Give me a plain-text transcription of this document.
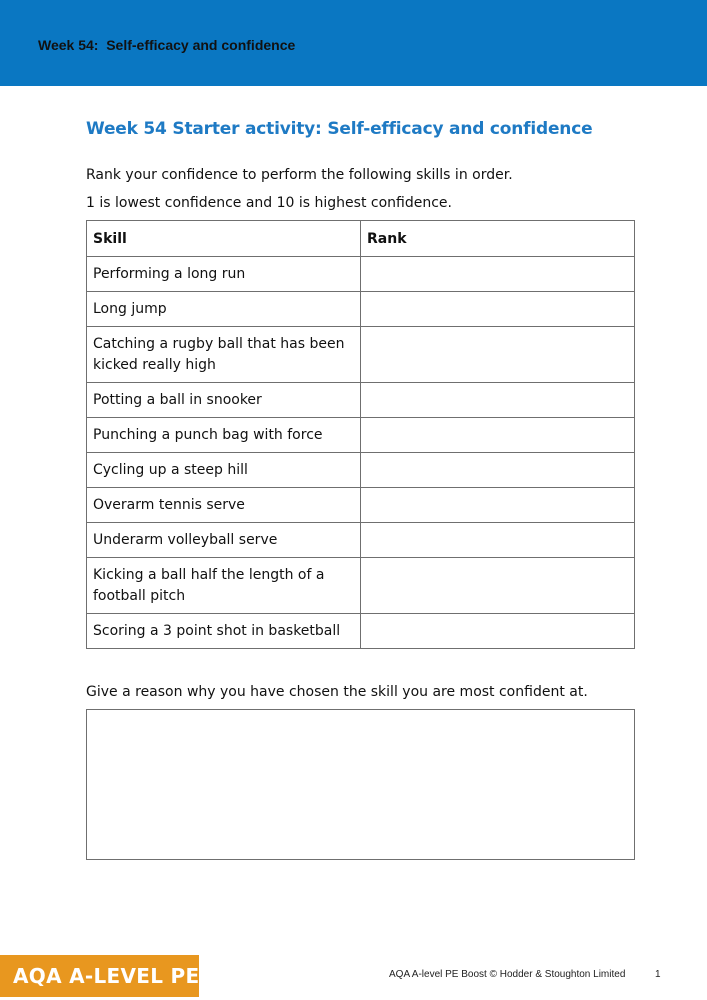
Week 54:  Self-efficacy and confidence
Week 54 Starter activity: Self-efficacy and confidence
Rank your confidence to perform the following skills in order.
1 is lowest confidence and 10 is highest confidence.
Skill	Rank
Performing a long run	
Long jump	
Catching a rugby ball that has been kicked really high	
Potting a ball in snooker	
Punching a punch bag with force	
Cycling up a steep hill	
Overarm tennis serve	
Underarm volleyball serve	
Kicking a ball half the length of a football pitch	
Scoring a 3 point shot in basketball	
Give a reason why you have chosen the skill you are most confident at.
AQA A-LEVEL PE	AQA A-level PE Boost © Hodder & Stoughton Limited	1
